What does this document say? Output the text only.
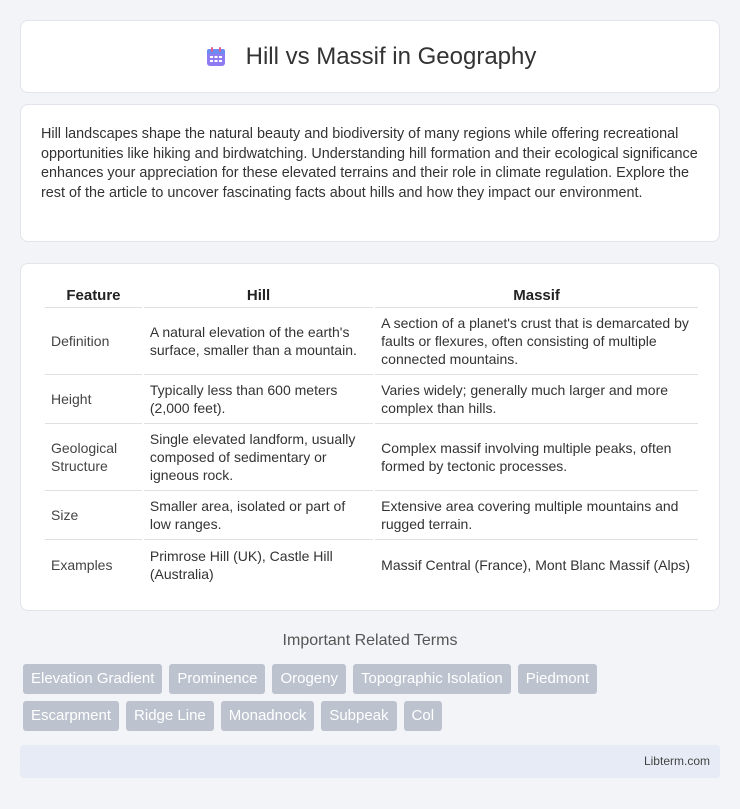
Hill vs Massif in Geography

Hill landscapes shape the natural beauty and biodiversity of many regions while offering recreational opportunities like hiking and birdwatching. Understanding hill formation and their ecological significance enhances your appreciation for these elevated terrains and their role in climate regulation. Explore the rest of the article to uncover fascinating facts about hills and how they impact our environment.

Feature	Hill	Massif
Definition	A natural elevation of the earth's surface, smaller than a mountain.	A section of a planet's crust that is demarcated by faults or flexures, often consisting of multiple connected mountains.
Height	Typically less than 600 meters (2,000 feet).	Varies widely; generally much larger and more complex than hills.
Geological Structure	Single elevated landform, usually composed of sedimentary or igneous rock.	Complex massif involving multiple peaks, often formed by tectonic processes.
Size	Smaller area, isolated or part of low ranges.	Extensive area covering multiple mountains and rugged terrain.
Examples	Primrose Hill (UK), Castle Hill (Australia)	Massif Central (France), Mont Blanc Massif (Alps)
Important Related Terms
Elevation Gradient	Prominence	Orogeny	Topographic Isolation	Piedmont
Escarpment	Ridge Line	Monadnock	Subpeak	Col
Libterm.com
